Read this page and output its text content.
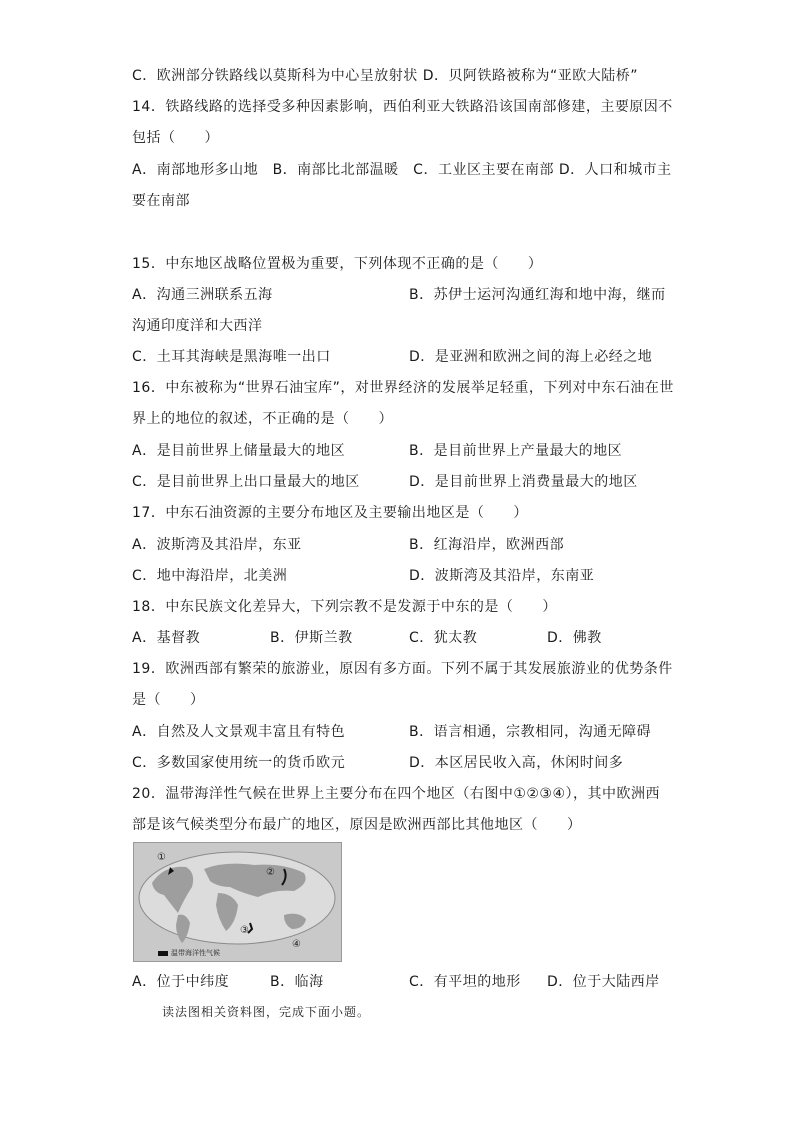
C．欧洲部分铁路线以莫斯科为中心呈放射状 D．贝阿铁路被称为“亚欧大陆桥”
14．铁路线路的选择受多种因素影响，西伯利亚大铁路沿该国南部修建，主要原因不
包括（　　）
A．南部地形多山地　B．南部比北部温暖　C．工业区主要在南部 D．人口和城市主
要在南部
15．中东地区战略位置极为重要，下列体现不正确的是（　　）
A．沟通三洲联系五海	B．苏伊士运河沟通红海和地中海，继而
沟通印度洋和大西洋
C．土耳其海峡是黑海唯一出口	D．是亚洲和欧洲之间的海上必经之地
16．中东被称为“世界石油宝库”，对世界经济的发展举足轻重，下列对中东石油在世
界上的地位的叙述，不正确的是（　　）
A．是目前世界上储量最大的地区	B．是目前世界上产量最大的地区
C．是目前世界上出口量最大的地区	D．是目前世界上消费量最大的地区
17．中东石油资源的主要分布地区及主要输出地区是（　　）
A．波斯湾及其沿岸，东亚	B．红海沿岸，欧洲西部
C．地中海沿岸，北美洲	D．波斯湾及其沿岸，东南亚
18．中东民族文化差异大，下列宗教不是发源于中东的是（　　）
A．基督教	B．伊斯兰教	C．犹太教	D．佛教
19．欧洲西部有繁荣的旅游业，原因有多方面。下列不属于其发展旅游业的优势条件
是（　　）
A．自然及人文景观丰富且有特色	B．语言相通，宗教相同，沟通无障碍
C．多数国家使用统一的货币欧元	D．本区居民收入高，休闲时间多
20．温带海洋性气候在世界上主要分布在四个地区（右图中①②③④），其中欧洲西
部是该气候类型分布最广的地区，原因是欧洲西部比其他地区（　　）
①
②
③
④
温带海洋性气候
A．位于中纬度	B．临海	C．有平坦的地形 D．位于大陆西岸
读法图相关资料图，完成下面小题。
